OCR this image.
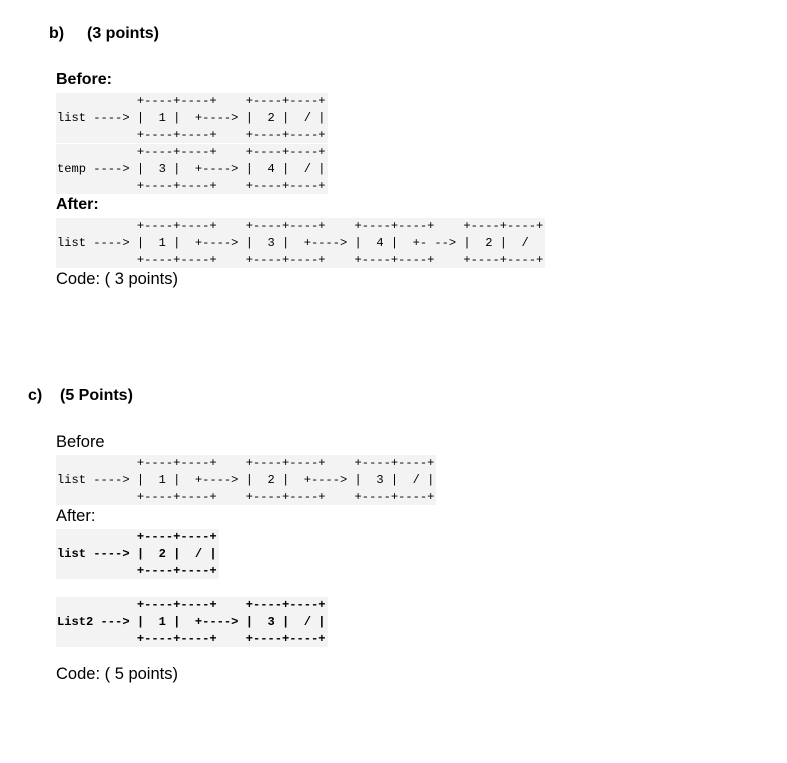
b) (3 points)
Before:
+----+----+    +----+----+
list ----> |  1 |  +----> |  2 |  / |
+----+----+    +----+----+
+----+----+    +----+----+
temp ----> |  3 |  +----> |  4 |  / |
+----+----+    +----+----+
After:
+----+----+    +----+----+    +----+----+    +----+----+
list ----> |  1 |  +----> |  3 |  +----> |  4 |  +- --> |  2 |  /
+----+----+    +----+----+    +----+----+    +----+----+
Code: ( 3 points)
c) (5 Points)
Before
+----+----+    +----+----+    +----+----+
list ----> |  1 |  +----> |  2 |  +----> |  3 |  / |
+----+----+    +----+----+    +----+----+
After:
+----+----+
list ----> |  2 |  / |
+----+----+
+----+----+    +----+----+
List2 ---> |  1 |  +----> |  3 |  / |
+----+----+    +----+----+
Code: ( 5 points)
